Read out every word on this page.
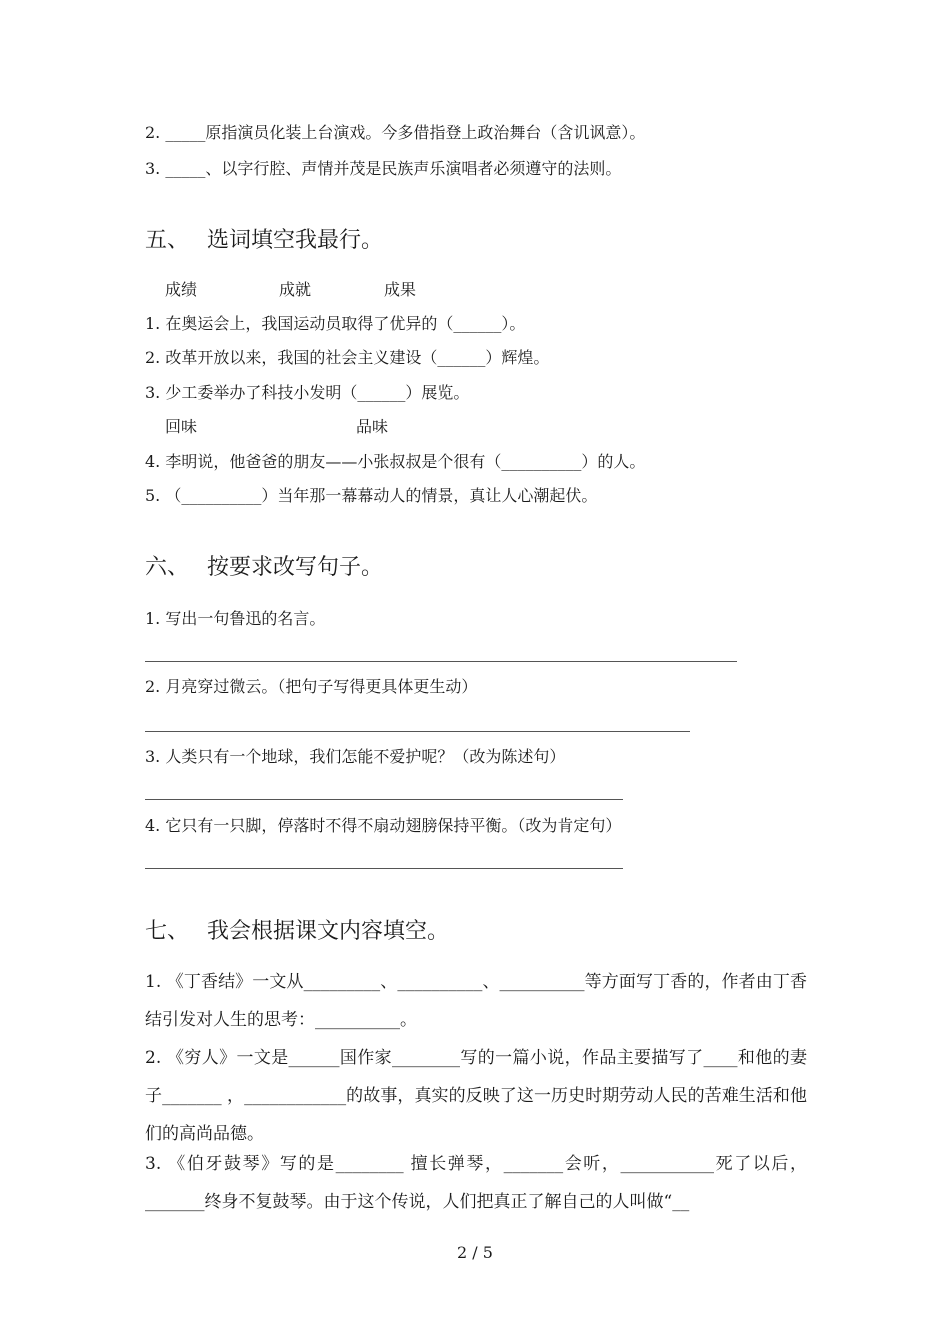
2. _____原指演员化装上台演戏。今多借指登上政治舞台（含讥讽意）。
3. _____、以字行腔、声情并茂是民族声乐演唱者必须遵守的法则。
五、 选词填空我最行。
成绩	成就	成果
1. 在奥运会上，我国运动员取得了优异的（______）。
2. 改革开放以来，我国的社会主义建设（______）辉煌。
3. 少工委举办了科技小发明（______）展览。
回味	品味
4. 李明说，他爸爸的朋友——小张叔叔是个很有（__________）的人。
5. （__________）当年那一幕幕动人的情景，真让人心潮起伏。
六、 按要求改写句子。
1. 写出一句鲁迅的名言。
2. 月亮穿过微云。（把句子写得更具体更生动）
3. 人类只有一个地球，我们怎能不爱护呢？（改为陈述句）
4. 它只有一只脚，停落时不得不扇动翅膀保持平衡。（改为肯定句）
七、 我会根据课文内容填空。
1. 《丁香结》一文从_________、__________、__________等方面写丁香的，作者由丁香结引发对人生的思考：__________。
2. 《穷人》一文是______国作家________写的一篇小说，作品主要描写了____和他的妻子_______ ，____________的故事，真实的反映了这一历史时期劳动人民的苦难生活和他们的高尚品德。
3. 《伯牙鼓琴》写的是________ 擅长弹琴，_______会听，___________死了以后，_______终身不复鼓琴。由于这个传说，人们把真正了解自己的人叫做“__
2 / 5
